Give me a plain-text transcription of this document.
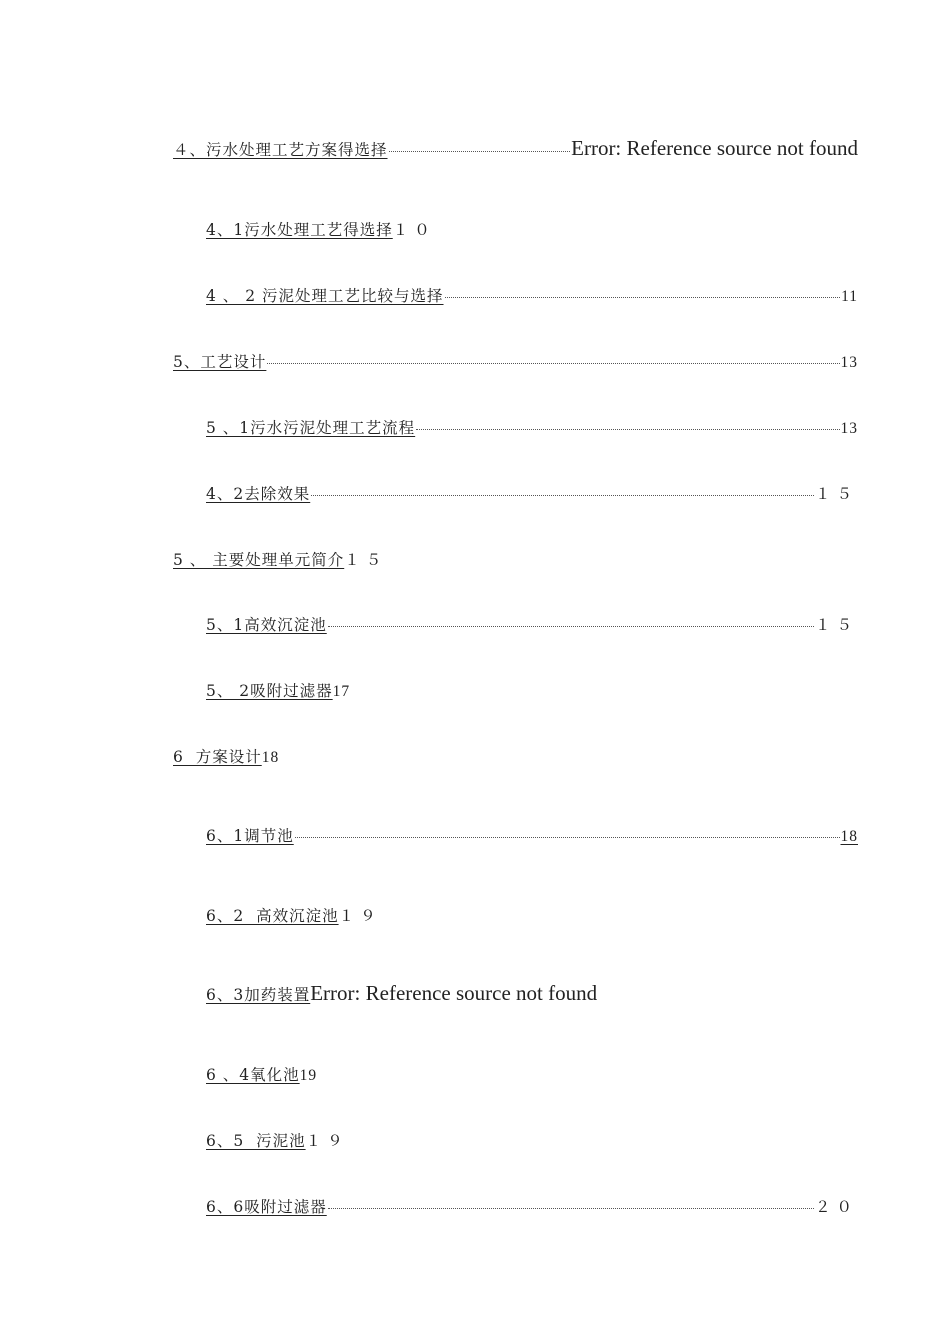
４、污水处理工艺方案得选择	Error: Reference source not found
4、1污水处理工艺得选择 １０
4 、 2 污泥处理工艺比较与选择	11
5、工艺设计	13
5 、1污水污泥处理工艺流程	13
4、2去除效果	１５
5 、 主要处理单元简介 １５
5、1高效沉淀池	１５
5、 2吸附过滤器 17
6  方案设计 18
6、1调节池	18
6、2  高效沉淀池 １９
6、3加药装置 Error: Reference source not found
6 、4氧化池 19
6、5  污泥池 １９
6、6吸附过滤器	２０
